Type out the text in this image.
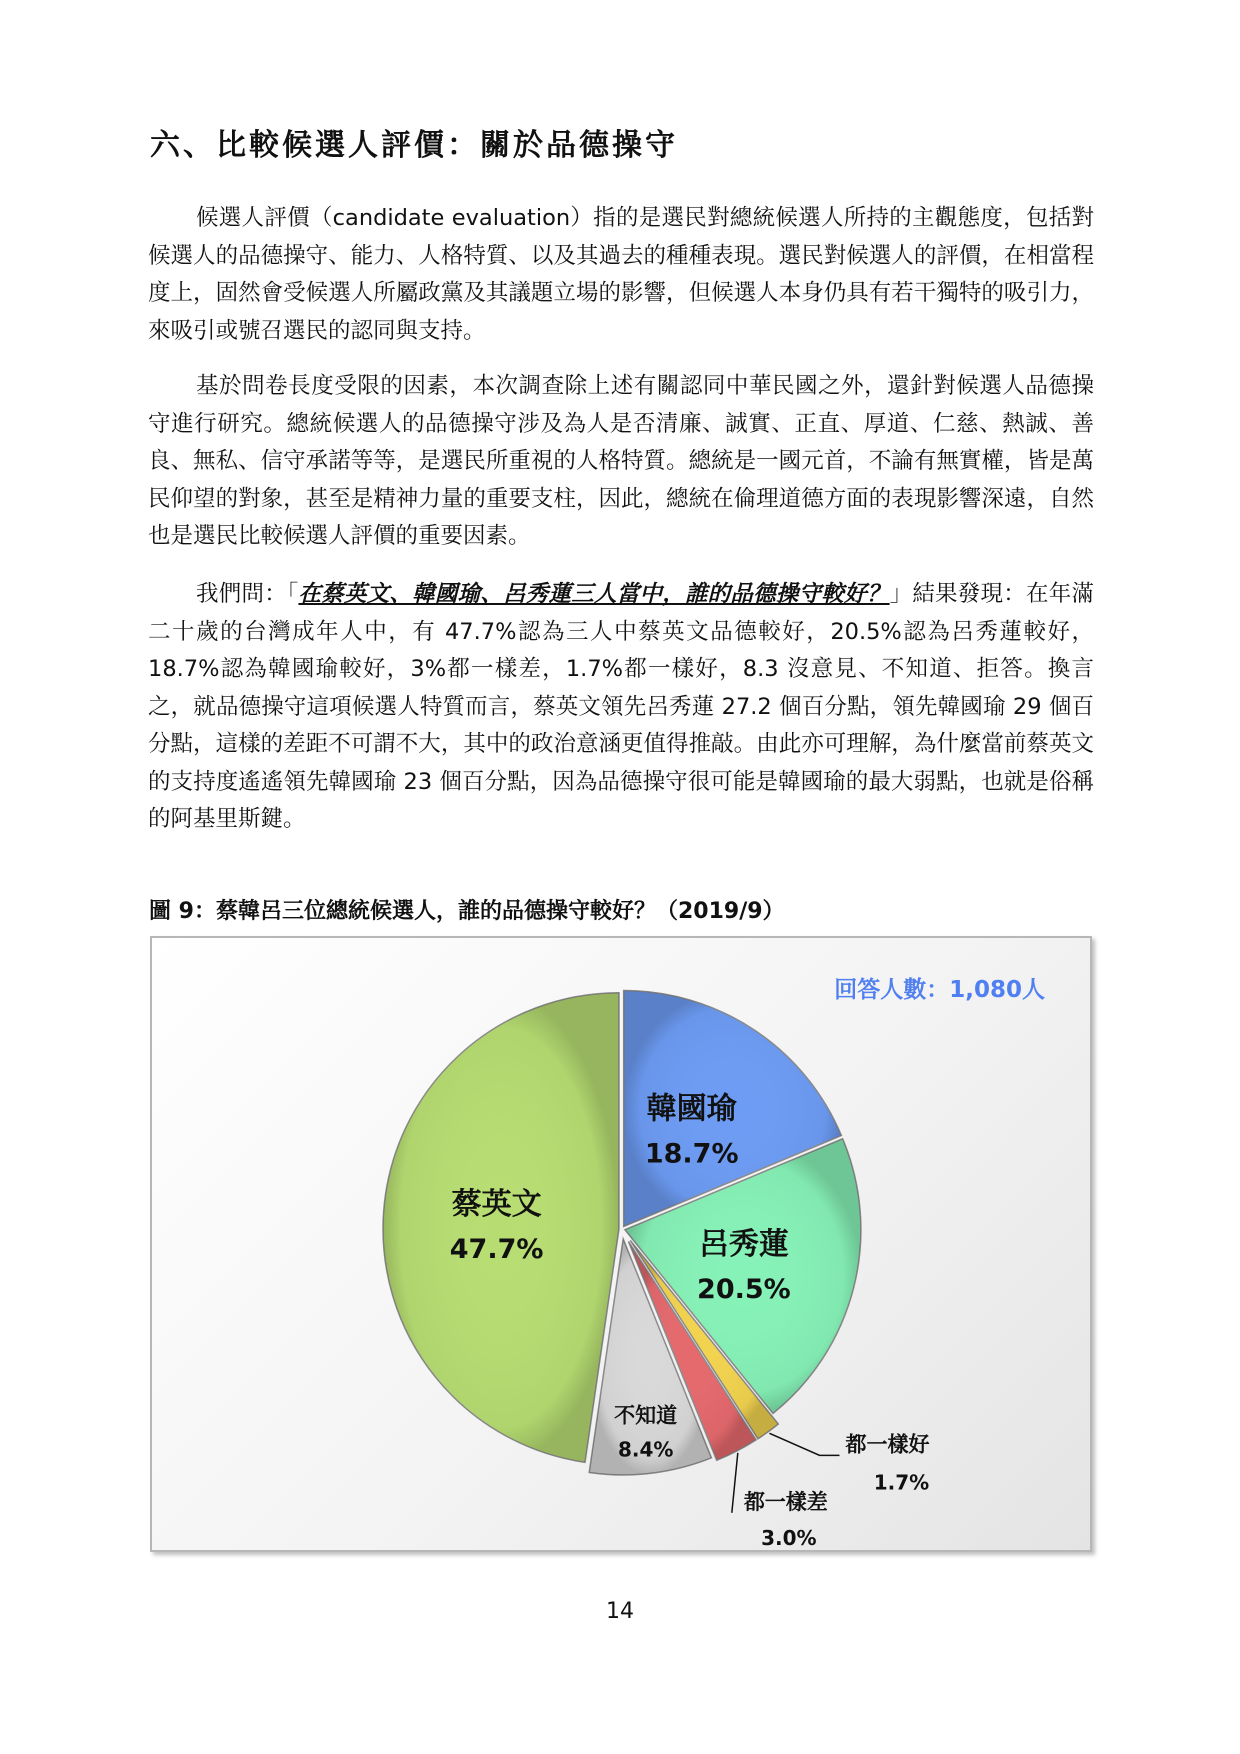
六、比較候選人評價：關於品德操守

候選人評價（candidate evaluation）指的是選民對總統候選人所持的主觀態度，包括對候選人的品德操守、能力、人格特質、以及其過去的種種表現。選民對候選人的評價，在相當程度上，固然會受候選人所屬政黨及其議題立場的影響，但候選人本身仍具有若干獨特的吸引力，來吸引或號召選民的認同與支持。

基於問卷長度受限的因素，本次調查除上述有關認同中華民國之外，還針對候選人品德操守進行研究。總統候選人的品德操守涉及為人是否清廉、誠實、正直、厚道、仁慈、熱誠、善良、無私、信守承諾等等，是選民所重視的人格特質。總統是一國元首，不論有無實權，皆是萬民仰望的對象，甚至是精神力量的重要支柱，因此，總統在倫理道德方面的表現影響深遠，自然也是選民比較候選人評價的重要因素。

我們問：「在蔡英文、韓國瑜、呂秀蓮三人當中，誰的品德操守較好？」結果發現：在年滿二十歲的台灣成年人中，有 47.7%認為三人中蔡英文品德較好，20.5%認為呂秀蓮較好，18.7%認為韓國瑜較好，3%都一樣差，1.7%都一樣好，8.3 沒意見、不知道、拒答。換言之，就品德操守這項候選人特質而言，蔡英文領先呂秀蓮 27.2 個百分點，領先韓國瑜 29 個百分點，這樣的差距不可謂不大，其中的政治意涵更值得推敲。由此亦可理解，為什麼當前蔡英文的支持度遙遙領先韓國瑜 23 個百分點，因為品德操守很可能是韓國瑜的最大弱點，也就是俗稱的阿基里斯鍵。

圖 9：蔡韓呂三位總統候選人，誰的品德操守較好？（2019/9）

回答人數：1,080人
韓國瑜
18.7%
呂秀蓮
20.5%
都一樣好
1.7%
都一樣差
3.0%
不知道
8.4%
蔡英文
47.7%
14
